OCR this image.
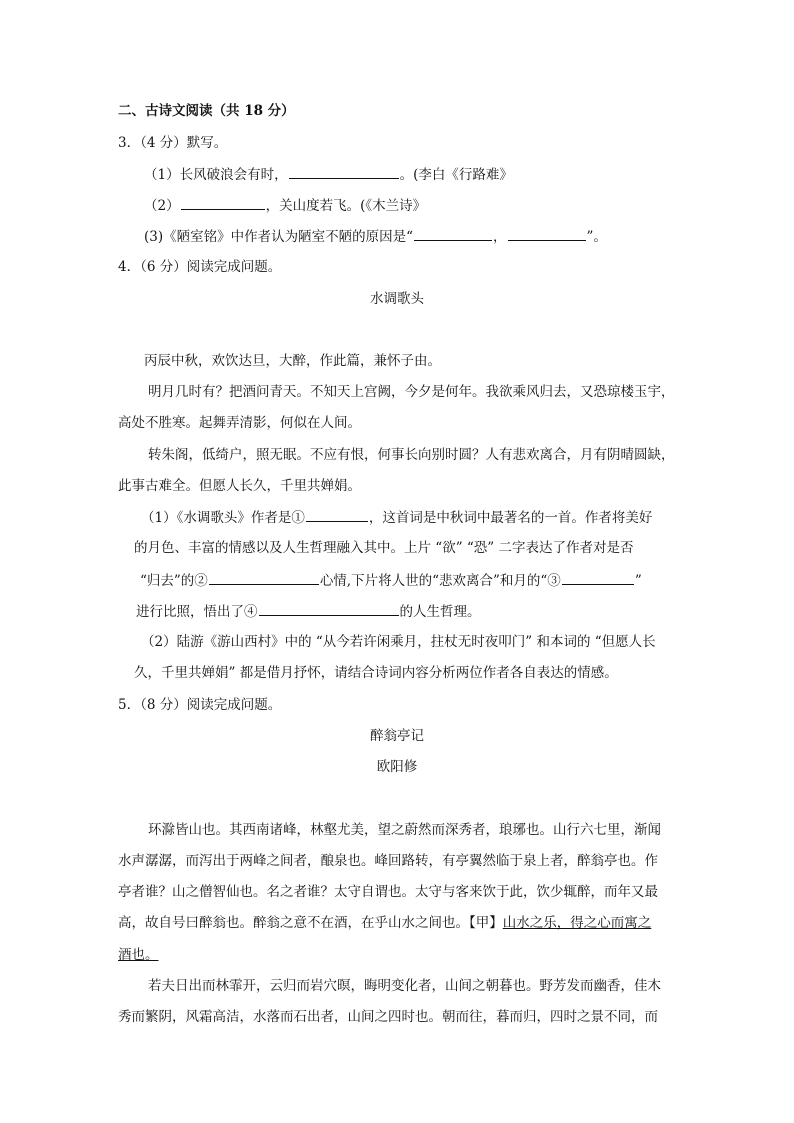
二、古诗文阅读（共 18 分）
3．（4 分）默写。
（1）长风破浪会有时，	。(李白《行路难》
（2）	，关山度若飞。(《木兰诗》
(3)《陋室铭》中作者认为陋室不陋的原因是“	，	”。
4．（6 分）阅读完成问题。
水调歌头
丙辰中秋，欢饮达旦，大醉，作此篇，兼怀子由。
明月几时有？把酒问青天。不知天上宫阙，今夕是何年。我欲乘风归去，又恐琼楼玉宇，
高处不胜寒。起舞弄清影，何似在人间。
转朱阁，低绮户，照无眠。不应有恨，何事长向别时圆？人有悲欢离合，月有阴晴圆缺，
此事古难全。但愿人长久，千里共婵娟。
（1）《水调歌头》作者是①	，这首词是中秋词中最著名的一首。作者将美好
的月色、丰富的情感以及人生哲理融入其中。上片 “欲” “恐” 二字表达了作者对是否
“归去”的②	心情,下片将人世的“悲欢离合”和月的“③	”
进行比照，悟出了④	的人生哲理。
（2）陆游《游山西村》中的 “从今若许闲乘月，拄杖无时夜叩门” 和本词的 “但愿人长
久，千里共婵娟” 都是借月抒怀，请结合诗词内容分析两位作者各自表达的情感。
5．（8 分）阅读完成问题。
醉翁亭记
欧阳修
环滁皆山也。其西南诸峰，林壑尤美，望之蔚然而深秀者，琅琊也。山行六七里，渐闻
水声潺潺，而泻出于两峰之间者，酿泉也。峰回路转，有亭翼然临于泉上者，醉翁亭也。作
亭者谁？山之僧智仙也。名之者谁？太守自谓也。太守与客来饮于此，饮少辄醉，而年又最
高，故自号曰醉翁也。醉翁之意不在酒，在乎山水之间也。【甲】山水之乐，得之心而寓之
酒也。
若夫日出而林霏开，云归而岩穴暝，晦明变化者，山间之朝暮也。野芳发而幽香，佳木
秀而繁阴，风霜高洁，水落而石出者，山间之四时也。朝而往，暮而归，四时之景不同，而
